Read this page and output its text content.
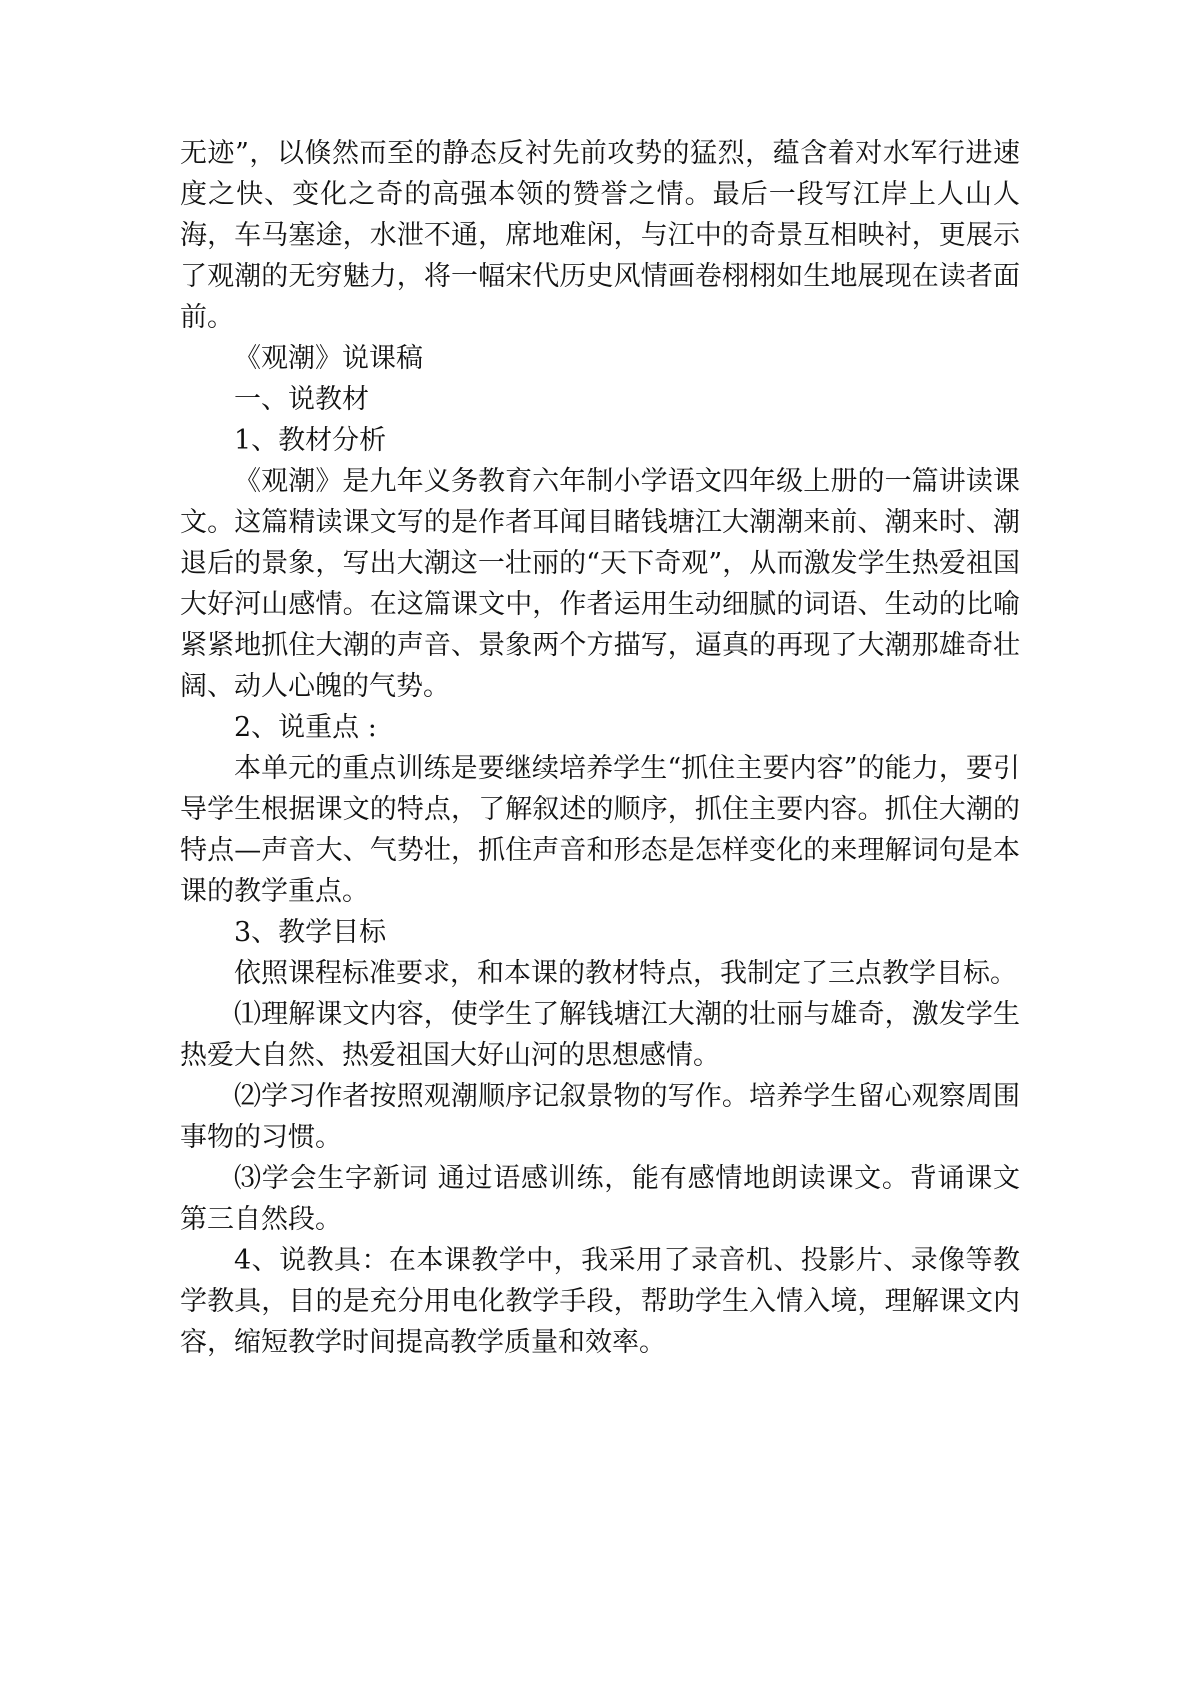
无迹”，以倏然而至的静态反衬先前攻势的猛烈，蕴含着对水军行进速度之快、变化之奇的高强本领的赞誉之情。最后一段写江岸上人山人海，车马塞途，水泄不通，席地难闲，与江中的奇景互相映衬，更展示了观潮的无穷魅力，将一幅宋代历史风情画卷栩栩如生地展现在读者面前。

《观潮》说课稿

一、说教材

1、教材分析

《观潮》是九年义务教育六年制小学语文四年级上册的一篇讲读课文。这篇精读课文写的是作者耳闻目睹钱塘江大潮潮来前、潮来时、潮退后的景象，写出大潮这一壮丽的“天下奇观”，从而激发学生热爱祖国大好河山感情。在这篇课文中，作者运用生动细腻的词语、生动的比喻紧紧地抓住大潮的声音、景象两个方描写，逼真的再现了大潮那雄奇壮阔、动人心魄的气势。

2、说重点 :

本单元的重点训练是要继续培养学生“抓住主要内容”的能力，要引导学生根据课文的特点，了解叙述的顺序，抓住主要内容。抓住大潮的特点—声音大、气势壮，抓住声音和形态是怎样变化的来理解词句是本课的教学重点。

3、教学目标

依照课程标准要求，和本课的教材特点，我制定了三点教学目标。

⑴理解课文内容，使学生了解钱塘江大潮的壮丽与雄奇，激发学生热爱大自然、热爱祖国大好山河的思想感情。

⑵学习作者按照观潮顺序记叙景物的写作。培养学生留心观察周围事物的习惯。

⑶学会生字新词 通过语感训练，能有感情地朗读课文。背诵课文第三自然段。

4、说教具：在本课教学中，我采用了录音机、投影片、录像等教学教具，目的是充分用电化教学手段，帮助学生入情入境，理解课文内容，缩短教学时间提高教学质量和效率。
